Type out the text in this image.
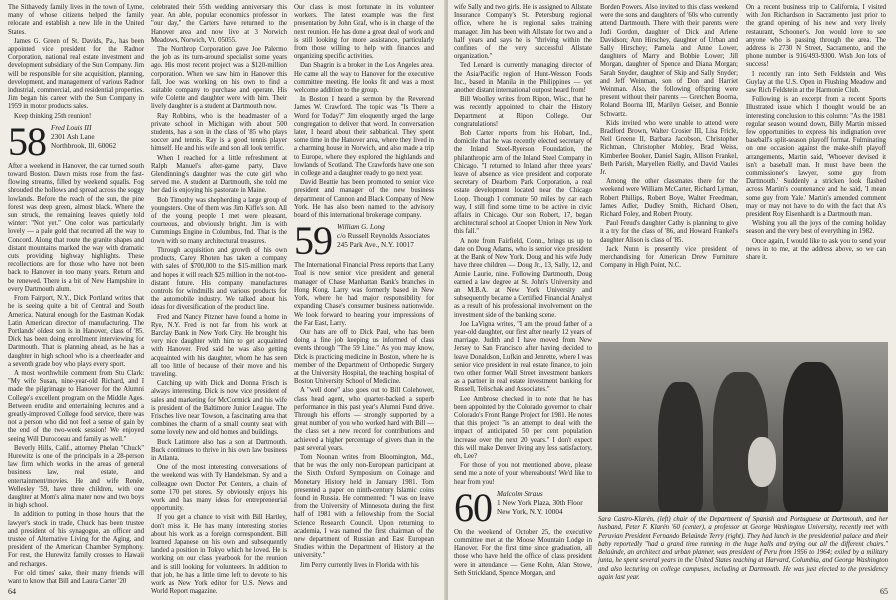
The Sithavedy family lives in the town of Lyme, many of whose citizens helped the family relocate and establish a new life in the United States.

James G. Green of St. Davids, Pa., has been appointed vice president for the Radnor Corporation, national real estate investment and development subsidiary of the Sun Company. Jim will be responsible for site acquisition, planning, development, and management of various Radnor industrial, commercial, and residential properties. Jim began his career with the Sun Company in 1959 in motor products sales.

Keep thinking 25th reunion!

58 Fred Louis III
2301 Ash Lane
Northbrook, Ill. 60062

After a weekend in Hanover, the car turned south toward Boston. Dawn mists rose from the fast-flowing streams, filled by weekend squalls. Fog shrouded the hollows and spread across the soggy lowlands. Before the reach of the sun, the pine forest was deep green, almost black. Where the sun struck, the remaining leaves quietly told winter: "Not yet." One color was particularly lovely — a pale gold that recurred all the way to Concord. Along that route the granite shapes and distant mountains marked the way with dramatic cuts providing highway highlights. These recollections are for those who have not been back to Hanover in too many years. Return and be renewed. There is a bit of New Hampshire in every Dartmouth alum.

From Fairport, N.Y., Dick Portland writes that he is seeing quite a bit of Central and South America. Natural enough for the Eastman Kodak Latin American director of manufacturing. The Portlands' oldest son is in Hanover, class of '85. Dick has been doing enrollment interviewing for Dartmouth. That is planning ahead, as he has a daughter in high school who is a cheerleader and a seventh grade boy who plays every sport.

A most worthwhile comment from Stu Clark: "My wife Susan, nine-year-old Richard, and I made the pilgrimage to Hanover for the Alumni College's excellent program on the Middle Ages. Between erudite and entertaining lectures and a greatly-improved College food service, there was not a person who did not feel a sense of gain by the end of the two-week session! We enjoyed seeing Will Durocoeau and family as well."

Beverly Hills, Calif., attorney Phelan "Chuck" Hurewitz is one of the principals in a 28-person law firm which works in the areas of general business law, real estate, and entertainment/movies. He and wife Renée, Wellesley '59, have three children, with one daughter at Mom's alma mater now and two boys in high school.

In addition to putting in those hours that the lawyer's stock in trade, Chuck has been trustee and president of his synagogue, an officer and trustee of Alternative Living for the Aging, and president of the American Chamber Symphony. For rest, the Hurewitz family crosses to Hawaii and recharges.

For old times' sake, their many friends will want to know that Bill and Laura Carter '20

celebrated their 55th wedding anniversary this year. An able, popular economics professor in "our day," the Carters have returned to the Hanover area and now live at 3 Norwich Meadows, Norwich, Vt. 05055.

The Northrop Corporation gave Joe Palermo the job as its turn-around specialist some years ago. His most recent project was a $120-million corporation. When we saw him in Hanover this fall, Joe was working on his own to find a suitable company to purchase and operate. His wife Colette and daughter were with him. Their lively daughter is a student at Dartmouth now.

Ray Robbins, who is the headmaster of a private school in Michigan with about 500 students, has a son in the class of '85 who plays soccer and tennis. Ray is a good tennis player himself. He and his wife and son all look terrific.

When I reached for a little refreshment at Ralph Manuel's after-game party, Dave Glendinning's daughter was the cute girl who served me. A student at Dartmouth, she told me her dad is enjoying his pastorate in Maine.

Bob Timothy was shepherding a large group of youngsters. One of them was Jim Kiffe's son. All of the young people I met were pleasant, courteous, and obviously bright. Jim is with Cummings Engine in Columbus, Ind. That is the town with so many architectural treasures.

Through acquisition and growth of his own products, Carey Rhoten has taken a company with sales of $700,000 to the $15-million mark and hopes it will reach $25 million in the not-too-distant future. His company manufactures controls for windmills and various products for the automobile industry. We talked about his ideas for diversification of the product line.

Fred and Nancy Pitzner have found a home in Rye, N.Y. Fred is not far from his work at Barclay Bank in New York City. He brought his very nice daughter with him to get acquainted with Hanover. Fred said he was also getting acquainted with his daughter, whom he has seen all too little of because of their move and his traveling.

Catching up with Dick and Donna Frisch is always interesting. Dick is now vice president of sales and marketing for McCormick and his wife is president of the Baltimore Junior League. The Frisches live near Towson, a fascinating area that combines the charm of a small county seat with some lovely new and old homes and buildings.

Buck Latimore also has a son at Dartmouth. Buck continues to thrive in his own law business in Atlanta.

One of the most interesting conversations of the weekend was with Ty Handelsman. Sy and a colleague own Doctor Pet Centers, a chain of some 170 pet stores. Sy obviously enjoys his work and has many ideas for entrepreneurial opportunity.

If you get a chance to visit with Bill Hartley, don't miss it. He has many interesting stories about his work as a foreign correspondent. Bill learned Japanese on his own and subsequently landed a position in Tokyo which he loved. He is working on our class yearbook for the reunion and is still looking for volunteers. In addition to that job, he has a little time left to devote to his work as New York editor for U.S. News and World Report magazine.

Our class is most fortunate in its volunteer workers. The latest example was the first presentation by John Graf, who is in charge of the next reunion. He has done a great deal of work and is still looking for more assistance, particularly from those willing to help with finances and organizing specific activities.

Dan Shagrin is a broker in the Los Angeles area. He came all the way to Hanover for the executive committee meeting. He looks fit and was a most welcome addition to the group.

In Boston I heard a sermon by the Reverend James W. Crawford. The topic was "Is There a Word for Today?" Jim eloquently urged the large congregation to deliver that word. In conversation later, I heard about their sabbatical. They spent some time in the Hanover area, where they lived in a charming house in Norwich, and also made a trip to Europe, where they explored the highlands and lowlands of Scotland. The Crawfords have one son in college and a daughter ready to go next year.

David Beattie has been promoted to senior vice president and manager of the new business department of Cannon and Black Company of New York. He has also been named to the advisory board of this international brokerage company.

59 William G. Long
c/o Russell Reynolds Associates
245 Park Ave., N.Y. 10017

The International Financial Press reports that Larry Toal is now senior vice president and general manager of Chase Manhattan Bank's branches in Hong Kong. Larry was formerly based in New York, where he had major responsibility for expanding Chase's consumer business nationwide. We look forward to hearing your impressions of the Far East, Larry.

Our hats are off to Dick Paul, who has been doing a fine job keeping us informed of class events through "The 59 Line." As you may know, Dick is practicing medicine in Boston, where he is member of the Department of Orthopedic Surgery at the University Hospital, the teaching hospital of Boston University School of Medicine.

A "well done" also goes out to Bill Colehower, class head agent, who quarter-backed a superb performance in this past year's Alumni Fund drive. Through his efforts — strongly supported by a great number of you who worked hard with Bill — the class set a new record for contributions and achieved a higher percentage of givers than in the past several years.

Tom Noonan writes from Bloomington, Md., that he was the only non-European participant at the Sixth Oxford Symposium on Coinage and Monetary History held in January 1981. Tom presented a paper on ninth-century Islamic coins found in Russia. He commented: "I was on leave from the University of Minnesota during the first half of 1981 with a fellowship from the Social Science Research Council. Upon returning to academia, I was named the first chairman of the new department of Russian and East European Studies within the Department of History at the university."

Jim Perry currently lives in Florida with his

64

wife Sally and two girls. He is assigned to Allstate Insurance Company's St. Petersburg regional office, where he is regional sales training manager. Jim has been with Allstate for two and a half years and says he is "thriving within the confines of the very successful Allstate organization."

Ted Lenard is currently managing director of the Asia/Pacific region of Hunt-Wesson Foods Inc., based in Manila in the Philippines — yet another distant international outpost heard from!

Bill Woolley writes from Ripon, Wisc., that he was recently appointed to chair the History Department at Ripon College. Our congratulations!

Bob Carter reports from his Hobart, Ind., domicile that he was recently elected secretary of the Inland Steel-Ryerson Foundation, the philanthropic arm of the Inland Steel Company in Chicago. "I returned to Inland after three years' leave of absence as vice president and corporate secretary of Dearborn Park Corporation, a real estate development located near the Chicago Loop. Though I commute 50 miles by car each way, I still find some time to be active in civic affairs in Chicago. Our son Robert, 17, began architectural school at Cooper Union in New York this fall."

A note from Fairfield, Conn., brings us up to date on Doug Adams, who is senior vice president at the Bank of New York. Doug and his wife Judy have three children — Doug Jr., 13, Sally, 12, and Annie Laurie, nine. Following Dartmouth, Doug earned a law degree at St. John's University and an M.B.A. at New York University and subsequently became a Certified Financial Analyst as a result of his professional involvement on the investment side of the banking scene.

Joe LaVigna writes, "I am the proud father of a year-old daughter, our first after nearly 12 years of marriage. Judith and I have moved from New Jersey to San Francisco after having decided to leave Donaldson, Lufkin and Jenrette, where I was senior vice president in real estate finance, to join two other former Wall Street investment bankers as a partner in real estate investment banking for Russell, Telischak and Associates."

Lee Ambrose checked in to note that he has been appointed by the Colorado governor to chair Colorado's Front Range Project for 1981. He notes that this project "is an attempt to deal with the impact of anticipated 50 per cent population increase over the next 20 years." I don't expect this will make Denver living any less satisfactory, eh, Lee?

For those of you not mentioned above, please send me a note of your whereabouts! We'd like to hear from you!

60 Malcolm Straus
1 New York Plaza, 30th Floor
New York, N.Y. 10004

On the weekend of October 25, the executive committee met at the Moose Mountain Lodge in Hanover. For the first time since graduation, all those who have held the office of class president were in attendance — Gene Kohn, Alan Stowe, Seth Strickland, Spence Morgan, and

Borden Powers. Also invited to this class weekend were the sons and daughters of '60s who currently attend Dartmouth. There with their parents were Judi Gordon, daughter of Dick and Arlene Davidson; Ann Hirschey, daughter of Urban and Sally Hirschey; Pamela and Anne Lower, daughters of Marry and Bobbie Lower; Jill Morgan, daughter of Spence and Diana Morgan; Sarah Snyder, daughter of Skip and Sally Snyder; and Jeff Weinman, son of Don and Harriet Weinman. Also, the following offspring were present without their parents — Gretchen Boorna, Roland Boorna III, Marilyn Geiser, and Bonnie Schwartz.

Kids invited who were unable to attend were Bradford Brown, Walter Crosier III, Lisa Fricle, Neil Greene II, Barbara Jacobson, Christopher Richman, Christopher Mobley, Brad Weiss, Kimberlee Booker, Daniel Sagin, Allison Frankel, Beth Parish, Maryellen Rielly, and David Vaules Jr.

Among the other classmates there for the weekend were William McCarter, Richard Lyman, Robert Phillips, Robert Boye, Walter Freedman, James Adler, Dudley Smith, Richard Olsen, Richard Foley, and Robert Prouty.

Paul Freud's daughter Cathy is planning to give it a try for the class of '86, and Howard Frankel's daughter Alison is class of '85.

Jack Nunn is presently vice president of merchandising for American Drew Furniture Company in High Point, N.C.

On a recent business trip to California, I visited with Jon Richardson in Sacramento just prior to the grand opening of his new and very lively restaurant, Schooner's. Jon would love to see anyone who is passing through the area. The address is 2730 N Street, Sacramento, and the phone number is 916/493-9300. Wish Jon lots of success!

I recently ran into Seth Feldstein and Wes Guylay at the U.S. Open in Flushing Meadow and saw Rich Feldstein at the Harmonie Club.

Following is an excerpt from a recent Sports Illustrated issue which I thought would be an interesting conclusion to this column: "As the 1981 regular season wound down, Billy Martin missed few opportunities to express his indignation over baseball's split-season playoff format. Fulminating on one occasion against the make-shift playoff arrangements, Martin said, 'Whoever devised it isn't a baseball man. It must have been the commissioner's lawyer, some guy from Dartmouth.' Suddenly a stricken look flashed across Martin's countenance and he said, 'I mean some guy from Yale.' Martin's amended comment may or may not have to do with the fact that A's president Roy Eisenhardt is a Dartmouth man.

Wishing you all the joys of the coming holiday season and the very best of everything in 1982.

Once again, I would like to ask you to send your news in to me, at the address above, so we can share it.

Sara Castro-Klarén, (left) chair of the Department of Spanish and Portuguese at Dartmouth, and her husband, Peter F. Klarén '60 (center), a professor at George Washington University, recently met with Peruvian President Fernando Belaúnde Terry (right). They had lunch in the presidential palace and their baby reportedly "had a grand time running in the huge halls and trying out all the different chairs." Belaúnde, an architect and urban planner, was president of Peru from 1956 to 1964; exiled by a military junta, he spent several years in the United States teaching at Harvard, Columbia, and George Washington and also lecturing on college campuses, including at Dartmouth. He was just elected to the presidency again last year.
65
